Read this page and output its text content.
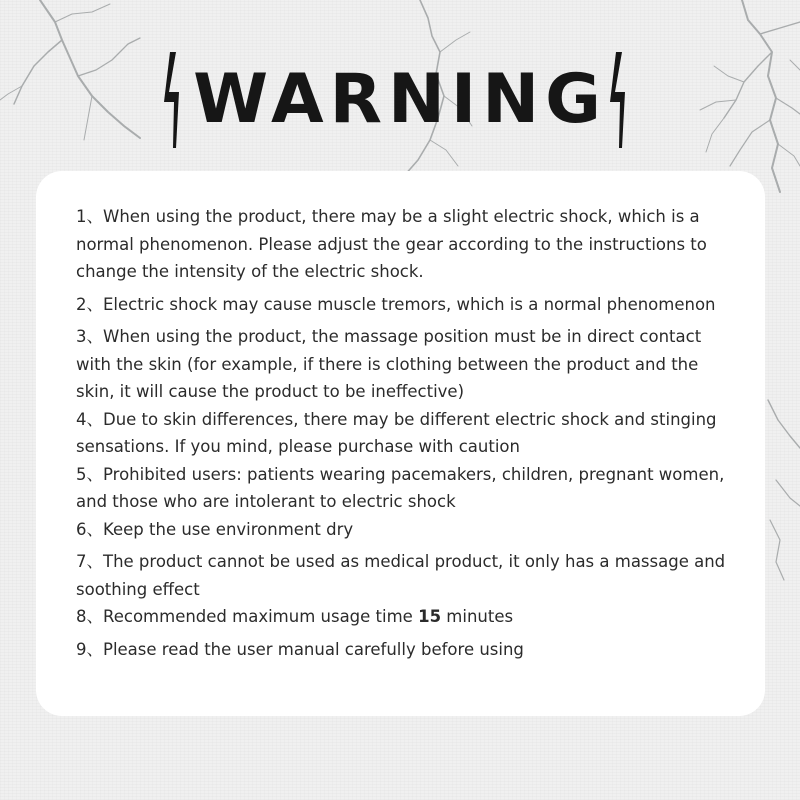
WARNING
1、When using the product, there may be a slight electric shock, which is a normal phenomenon. Please adjust the gear according to the instructions to change the intensity of the electric shock.
2、Electric shock may cause muscle tremors, which is a normal phenomenon
3、When using the product, the massage position must be in direct contact with the skin (for example, if there is clothing between the product and the skin, it will cause the product to be ineffective)
4、Due to skin differences, there may be different electric shock and stinging sensations. If you mind, please purchase with caution
5、Prohibited users: patients wearing pacemakers, children, pregnant women, and those who are intolerant to electric shock
6、Keep the use environment dry
7、The product cannot be used as medical product, it only has a massage and soothing effect
8、Recommended maximum usage time 15 minutes
9、Please read the user manual carefully before using
